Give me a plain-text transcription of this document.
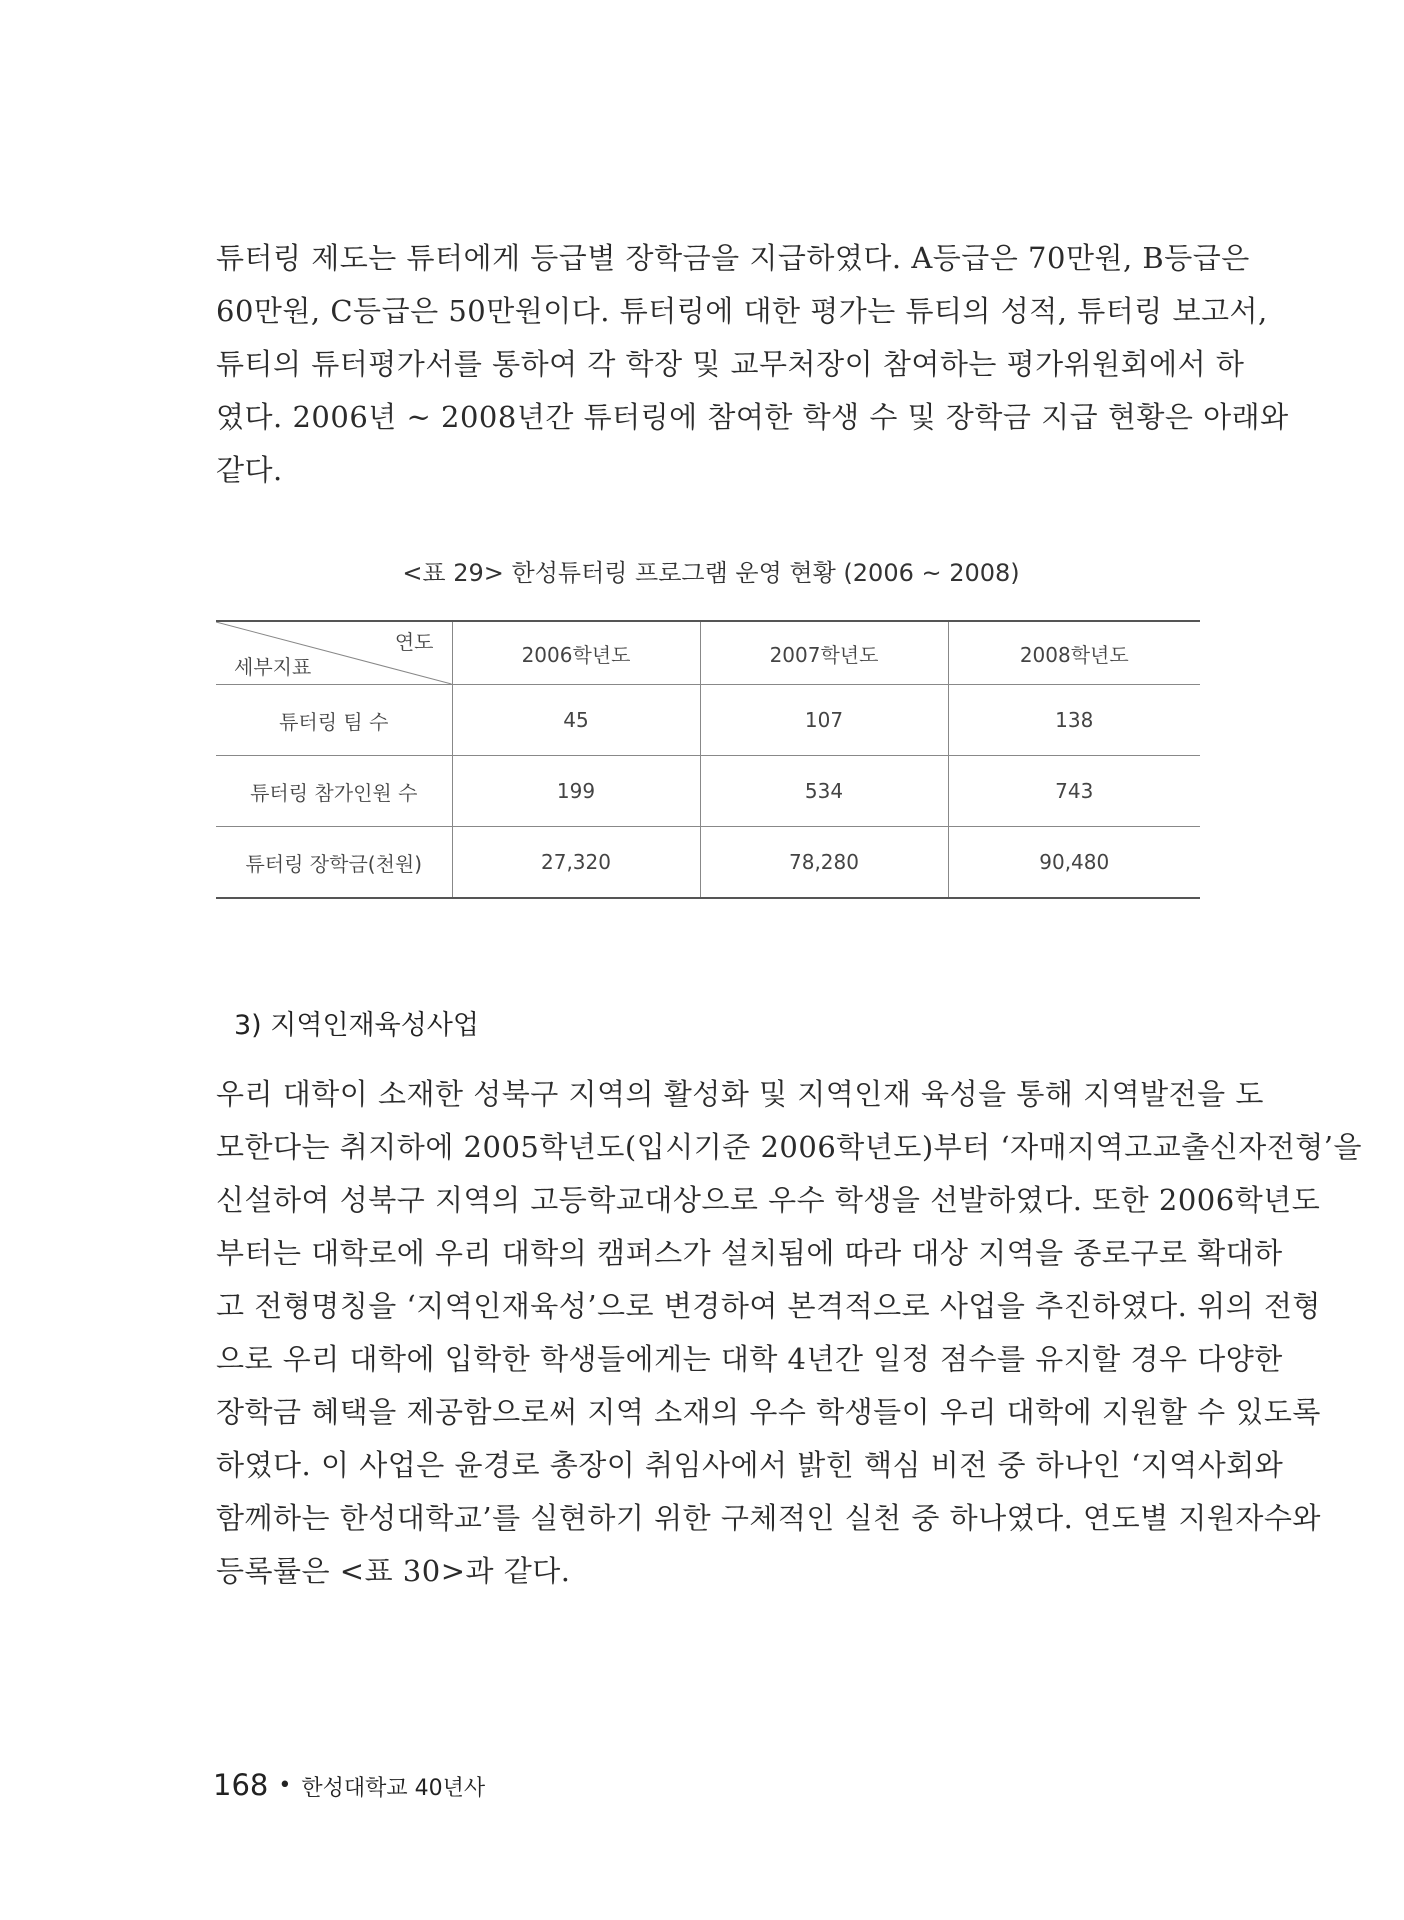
튜터링 제도는 튜터에게 등급별 장학금을 지급하였다. A등급은 70만원, B등급은
60만원, C등급은 50만원이다. 튜터링에 대한 평가는 튜티의 성적, 튜터링 보고서,
튜티의 튜터평가서를 통하여 각 학장 및 교무처장이 참여하는 평가위원회에서 하
였다. 2006년 ~ 2008년간 튜터링에 참여한 학생 수 및 장학금 지급 현황은 아래와
같다.
<표 29> 한성튜터링 프로그램 운영 현황 (2006 ~ 2008)
연도
세부지표	2006학년도	2007학년도	2008학년도
튜터링 팀 수	45	107	138
튜터링 참가인원 수	199	534	743
튜터링 장학금(천원)	27,320	78,280	90,480
3) 지역인재육성사업
우리 대학이 소재한 성북구 지역의 활성화 및 지역인재 육성을 통해 지역발전을 도
모한다는 취지하에 2005학년도(입시기준 2006학년도)부터 ‘자매지역고교출신자전형’을
신설하여 성북구 지역의 고등학교대상으로 우수 학생을 선발하였다. 또한 2006학년도
부터는 대학로에 우리 대학의 캠퍼스가 설치됨에 따라 대상 지역을 종로구로 확대하
고 전형명칭을 ‘지역인재육성’으로 변경하여 본격적으로 사업을 추진하였다. 위의 전형
으로 우리 대학에 입학한 학생들에게는 대학 4년간 일정 점수를 유지할 경우 다양한
장학금 혜택을 제공함으로써 지역 소재의 우수 학생들이 우리 대학에 지원할 수 있도록
하였다. 이 사업은 윤경로 총장이 취임사에서 밝힌 핵심 비전 중 하나인 ‘지역사회와
함께하는 한성대학교’를 실현하기 위한 구체적인 실천 중 하나였다. 연도별 지원자수와
등록률은 <표 30>과 같다.
168 • 한성대학교 40년사
